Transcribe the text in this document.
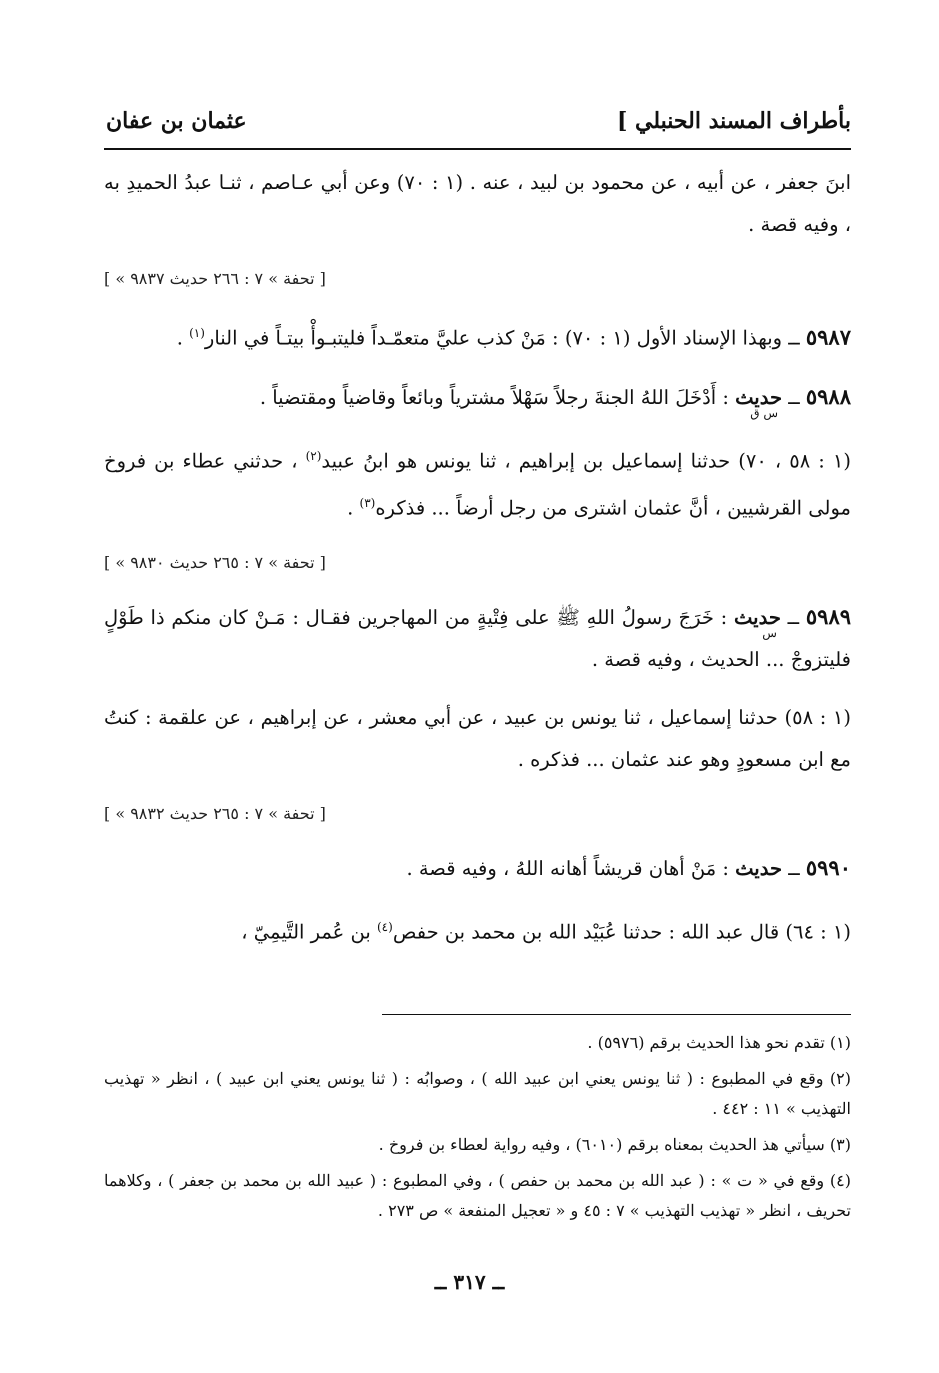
بأطراف المسند الحنبلي ]
عثمان بن عفان

ابنَ جعفر ، عن أبيه ، عن محمود بن لبيد ، عنه . (١ : ٧٠) وعن أبي عـاصم ، ثنـا عبدُ الحميدِ به ، وفيه قصة .

[ « تحفة » ٧ : ٢٦٦ حديث ٩٨٣٧ ]

٥٩٨٧ ــ وبهذا الإسناد الأول (١ : ٧٠) : مَنْ كذب عليَّ متعمّـداً فليتبـوأْ بيتـاً في النار$^{(١)}$ .

٥٩٨٨ ــ حديث
س ق
: أَدْخَلَ اللهُ الجنةَ رجلاً سَهْلاً مشترياً وبائعاً وقاضياً ومقتضياً .

(١ : ٥٨ ، ٧٠) حدثنا إسماعيل بن إبراهيم ، ثنا يونس هو ابنُ عبيد$^{(٢)}$ ، حدثني عطاء بن فروخ مولى القرشيين ، أنَّ عثمان اشترى من رجل أرضاً ... فذكره$^{(٣)}$ .

[ « تحفة » ٧ : ٢٦٥ حديث ٩٨٣٠ ]

٥٩٨٩ ــ حديث
س
: خَرَجَ رسولُ اللهِ ﷺ على فِتْيةٍ من المهاجرين فقـال : مَـنْ كان منكم ذا طَوْلٍ فليتزوجْ ... الحديث ، وفيه قصة .

(١ : ٥٨) حدثنا إسماعيل ، ثنا يونس بن عبيد ، عن أبي معشر ، عن إبراهيم ، عن علقمة : كنتُ مع ابن مسعودٍ وهو عند عثمان ... فذكره .

[ « تحفة » ٧ : ٢٦٥ حديث ٩٨٣٢ ]

٥٩٩٠ ــ حديث : مَنْ أهان قريشاً أهانه اللهُ ، وفيه قصة .

(١ : ٦٤) قال عبد الله : حدثنا عُبَيْد الله بن محمد بن حفص$^{(٤)}$ بن عُمر التَّيمِيّ ،

(١) تقدم نحو هذا الحديث برقم (٥٩٧٦) .

(٢) وقع في المطبوع : ( ثنا يونس يعني ابن عبيد الله ) ، وصوابُه : ( ثنا يونس يعني ابن عبيد ) ، انظر « تهذيب التهذيب » ١١ : ٤٤٢ .

(٣) سيأتي هذ الحديث بمعناه برقم (٦٠١٠) ، وفيه رواية لعطاء بن فروخ .

(٤) وقع في « ت » : ( عبد الله بن محمد بن حفص ) ، وفي المطبوع : ( عبيد الله بن محمد بن جعفر ) ، وكلاهما تحريف ، انظر « تهذيب التهذيب » ٧ : ٤٥ و « تعجيل المنفعة » ص ٢٧٣ .

ــ ٣١٧ ــ
